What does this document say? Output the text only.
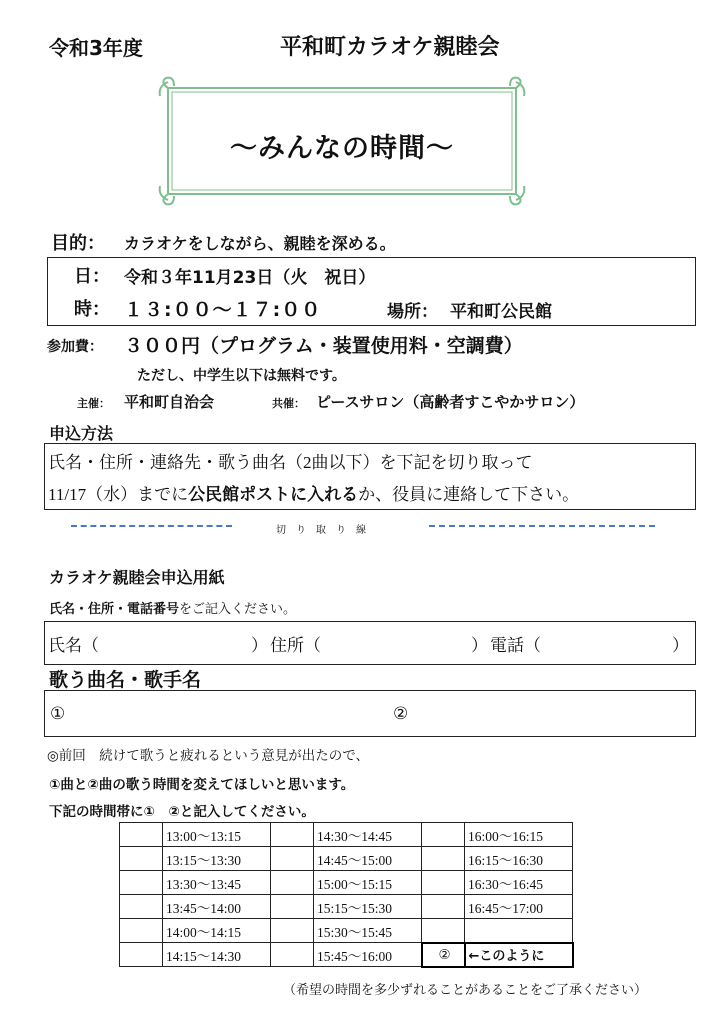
令和3年度	平和町カラオケ親睦会
～みんなの時間～
目的： カラオケをしながら、親睦を深める。
日： 令和３年11月23日（火　祝日）
時： １３:００～１７:００	場所： 平和町公民館
参加費： ３００円（プログラム・装置使用料・空調費）
ただし、中学生以下は無料です。
主催： 平和町自治会	共催： ピースサロン（高齢者すこやかサロン）
申込方法
氏名・住所・連絡先・歌う曲名（2曲以下）を下記を切り取って
11/17（水）までに公民館ポストに入れるか、役員に連絡して下さい。
切　り　取　り　線
カラオケ親睦会申込用紙
氏名・住所・電話番号をご記入ください。
氏名（	） 住所（	） 電話（	）
歌う曲名・歌手名
①	②
◎前回　続けて歌うと疲れるという意見が出たので、
①曲と②曲の歌う時間を変えてほしいと思います。
下記の時間帯に①　②と記入してください。
	13:00～13:15		14:30～14:45		16:00～16:15
	13:15～13:30		14:45～15:00		16:15～16:30
	13:30～13:45		15:00～15:15		16:30～16:45
	13:45～14:00		15:15～15:30		16:45～17:00
	14:00～14:15		15:30～15:45		
	14:15～14:30		15:45～16:00	②	←このように
（希望の時間を多少ずれることがあることをご了承ください）
